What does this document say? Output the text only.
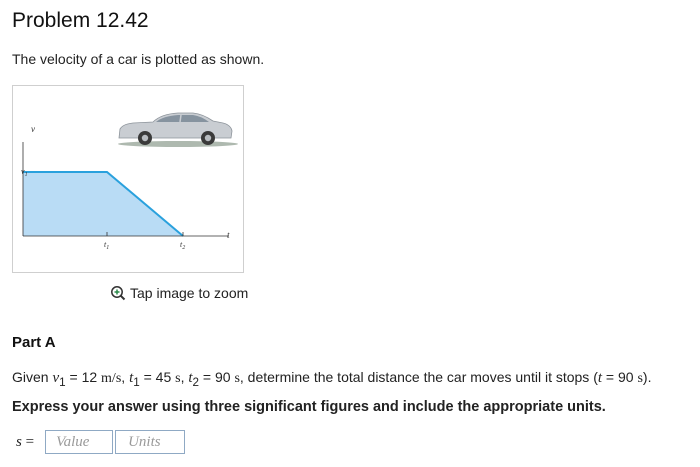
Problem 12.42
The velocity of a car is plotted as shown.
v
$v_1$
t
$t_1$	$t_2$
Tap image to zoom
Part A
Given $v_1 = 12$ m/s, $t_1 = 45$ s, $t_2 = 90$ s, determine the total distance the car moves until it stops (t = 90 s).
Express your answer using three significant figures and include the appropriate units.
s =
Value
Units
